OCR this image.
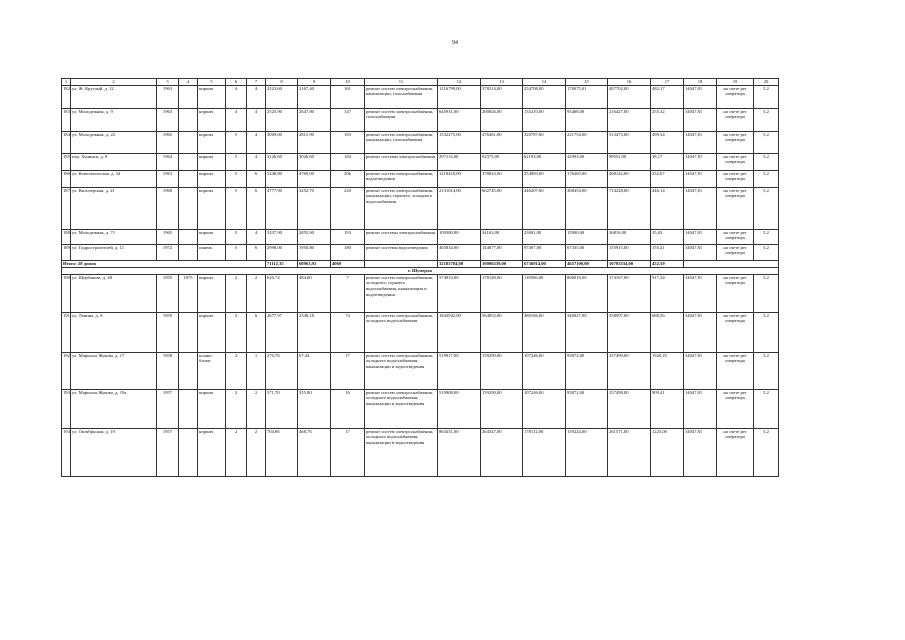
94
1	2	3	4	5	6	7	8	9	10	11	12	13	14	15	16	17	18	19	20
182	ул. Ж. Круглый, д. 12	1963		кирпич	4	4	2523,60	2167,40	161	ремонт систем электроснабжения, канализации, газоснабжения	1216799,00	378214,00	254708,00	176075,01	407702,00	482,17	14047,81	на счете рег оператора	5,2
183	ул. Молодежная, д. 9	1963		кирпич	4	4	2525,90	2647,80	147	ремонт систем электроснабжения, газоснабжения	645931,00	200826,00	135210,00	93468,00	216427,00	255,32	14047,81	на счете рег оператора	5,2
184	ул. Молодежная, д. 22	1965		кирпич	5	4	3069,00	2815,90	193	ремонт систем электроснабжения, канализации, газоснабжения	1532475,00	476461,00	320787,00	221754,00	513473,00	499,34	14047,81	на счете рег оператора	5,2
185	пер. Хонинск, д. 8	1964		кирпич	5	4	3126,60	3026,60	184	ремонт системы электроснабжения	297114,00	92375,00	62193,00	42993,00	99552,00	38,17	14047,81	на счете рег оператора	5,2
186	ул. Комсомольская, д. 34	1963		кирпич	5	6	5248,80	4769,90	206	ремонт систем электроснабжения, водоотведения	1218418,00	378823,00	254983,00	176265,00	408142,00	232,07	14047,81	на счете рег оператора	5,2
187	ул. Вилозерская, д. 21	1968		кирпич	5	6	4777,90	3252,70	220	ремонт систем электроснабжения, канализации, горячего, холодного водоснабжения	2131614,00	662745,00	446207,00	308454,00	714228,00	446,14	14047,81	на счете рег оператора	5,2
188	ул. Молодежная, д. 71	1965		кирпич	5	4	3337,90	2855,90	193	ремонт системы электроснабжения	109380,00	34163,00	23001,00	15900,00	36816,00	35,02	14047,81	на счете рег оператора	5,2
189	ул. Гидростроителей, д. 11	1972		панель	5	6	2998,00	1950,80	180	ремонт системы водоотведения	465834,00	144677,00	97407,00	67335,00	155915,00	155,21	14047,81	на счете рег оператора	5,2
Итого: 28 домов							71112,35	60963,93	4069		32185784,00	10006339,00	6736914,00	4657100,00	10783534,00	452,59			
г. Шумерля																			
190	ул. Щербакова, д. 48	1955	1975	кирпич	2	2	620,74	484,60	7	ремонт систем электроснабжения, холодного, горячего водоснабжения, канализации и водоотведения	574933,00	178149,00	118506,00	806019,00	174167,00	917,34	14047,81	на счете рег оператора	5,2
191	ул. Ленина, д. 8	1959		кирпич	3	6	2677,97	2348,18	74	ремонт систем электроснабжения, холодного водоснабжения	1843942,00	564852,00	380166,00	340027,00	558597,00	688,56	14047,81	на счете рег оператора	5,2
192	ул. Маршала Жукова, д. 17	1958		шлако-блоки	2	1	270,76	67,44	17	ремонт систем электроснабжения, холодного водоснабжения, канализации и водоотведения	519917,00	159290,00	107246,00	95872,00	157499,00	1920,25	14047,81	на счете рег оператора	5,2
193	ул. Маршала Жукова, д. 19а	1957		кирпич	2	2	571,70	355,80	16	ремонт систем электроснабжения, холодного водоснабжения, канализации и водоотведения	519908,00	159290,00	107246,00	95872,00	157499,00	909,41	14047,81	на счете рег оператора	5,2
194	ул. Октябрьская, д. 19	1957		кирпич	2	2	704,86	468,76	17	ремонт систем электроснабжения, холодного водоснабжения, канализации и водоотведения	863451,00	264347,00	178112,00	159224,00	261571,00	1225,00	14047,81	на счете рег оператора	5,2
